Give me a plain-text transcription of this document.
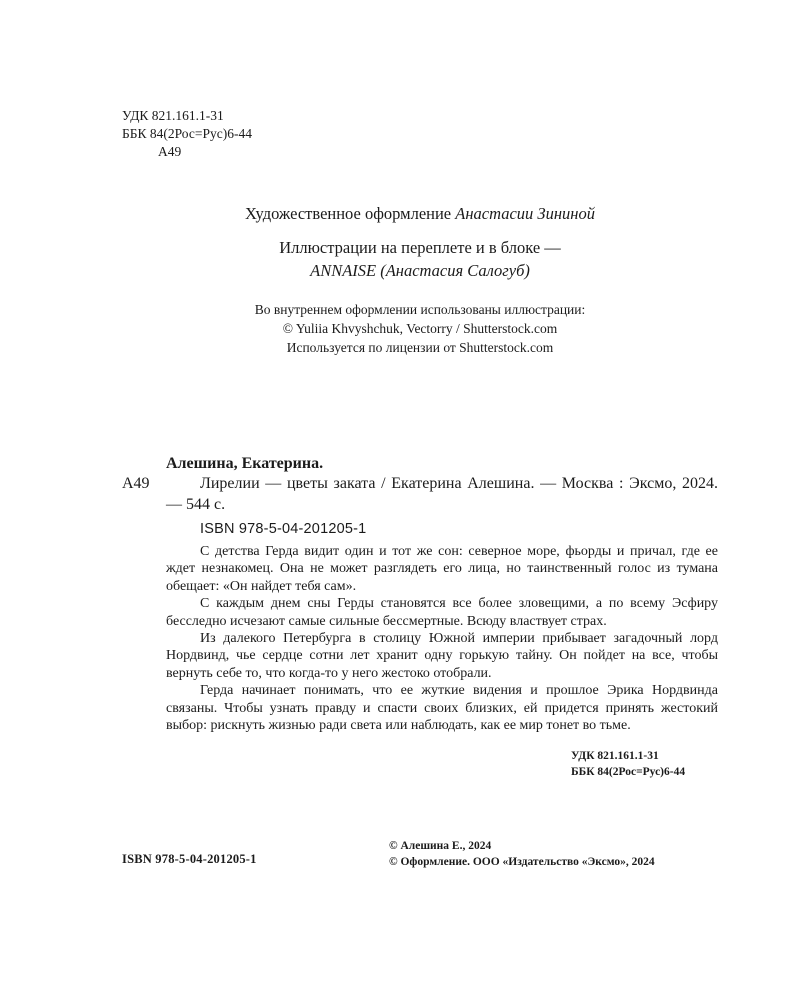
УДК 821.161.1-31
ББК 84(2Рос=Рус)6-44
А49
Художественное оформление Анастасии Зининой
Иллюстрации на переплете и в блоке —
ANNAISE (Анастасия Салогуб)
Во внутреннем оформлении использованы иллюстрации:
© Yuliia Khvyshchuk, Vectorry / Shutterstock.com
Используется по лицензии от Shutterstock.com
Алешина, Екатерина.
А49	Лирелии — цветы заката / Екатерина Алешина. — Москва : Эксмо, 2024. — 544 с.
ISBN 978-5-04-201205-1

С детства Герда видит один и тот же сон: северное море, фьорды и причал, где ее ждет незнакомец. Она не может разглядеть его лица, но таинственный голос из тумана обещает: «Он найдет тебя сам».

С каждым днем сны Герды становятся все более зловещими, а по всему Эсфиру бесследно исчезают самые сильные бессмертные. Всюду властвует страх.

Из далекого Петербурга в столицу Южной империи прибывает загадочный лорд Нордвинд, чье сердце сотни лет хранит одну горькую тайну. Он пойдет на все, чтобы вернуть себе то, что когда-то у него жестоко отобрали.

Герда начинает понимать, что ее жуткие видения и прошлое Эрика Нордвинда связаны. Чтобы узнать правду и спасти своих близких, ей придется принять жестокий выбор: рискнуть жизнью ради света или наблюдать, как ее мир тонет во тьме.

УДК 821.161.1-31
ББК 84(2Рос=Рус)6-44
ISBN 978-5-04-201205-1
© Алешина Е., 2024
© Оформление. ООО «Издательство «Эксмо», 2024
